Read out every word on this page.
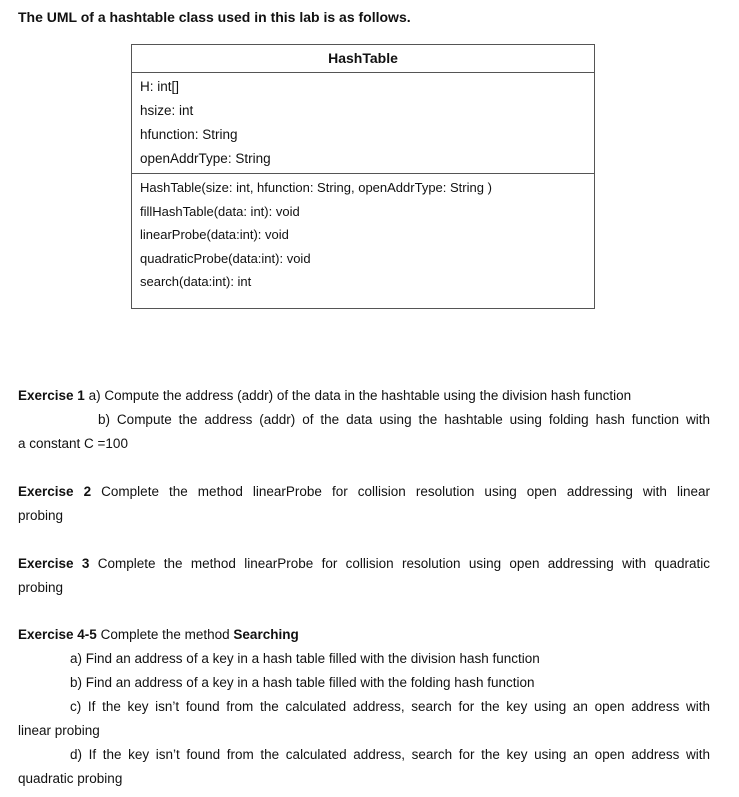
The UML of a hashtable class used in this lab is as follows.
HashTable
H: int[]
hsize: int
hfunction: String
openAddrType: String
HashTable(size: int, hfunction: String, openAddrType: String )
fillHashTable(data: int): void
linearProbe(data:int): void
quadraticProbe(data:int): void
search(data:int): int
Exercise 1 a) Compute the address (addr) of the data in the hashtable using the division hash function
b) Compute the address (addr) of the data using the hashtable using folding hash function with
a constant C =100
Exercise 2 Complete the method linearProbe for collision resolution using open addressing with linear
probing
Exercise 3 Complete the method linearProbe for collision resolution using open addressing with quadratic
probing
Exercise 4-5 Complete the method Searching
a) Find an address of a key in a hash table filled with the division hash function
b) Find an address of a key in a hash table filled with the folding hash function
c) If the key isn’t found from the calculated address, search for the key using an open address with
linear probing
d) If the key isn’t found from the calculated address, search for the key using an open address with
quadratic probing
